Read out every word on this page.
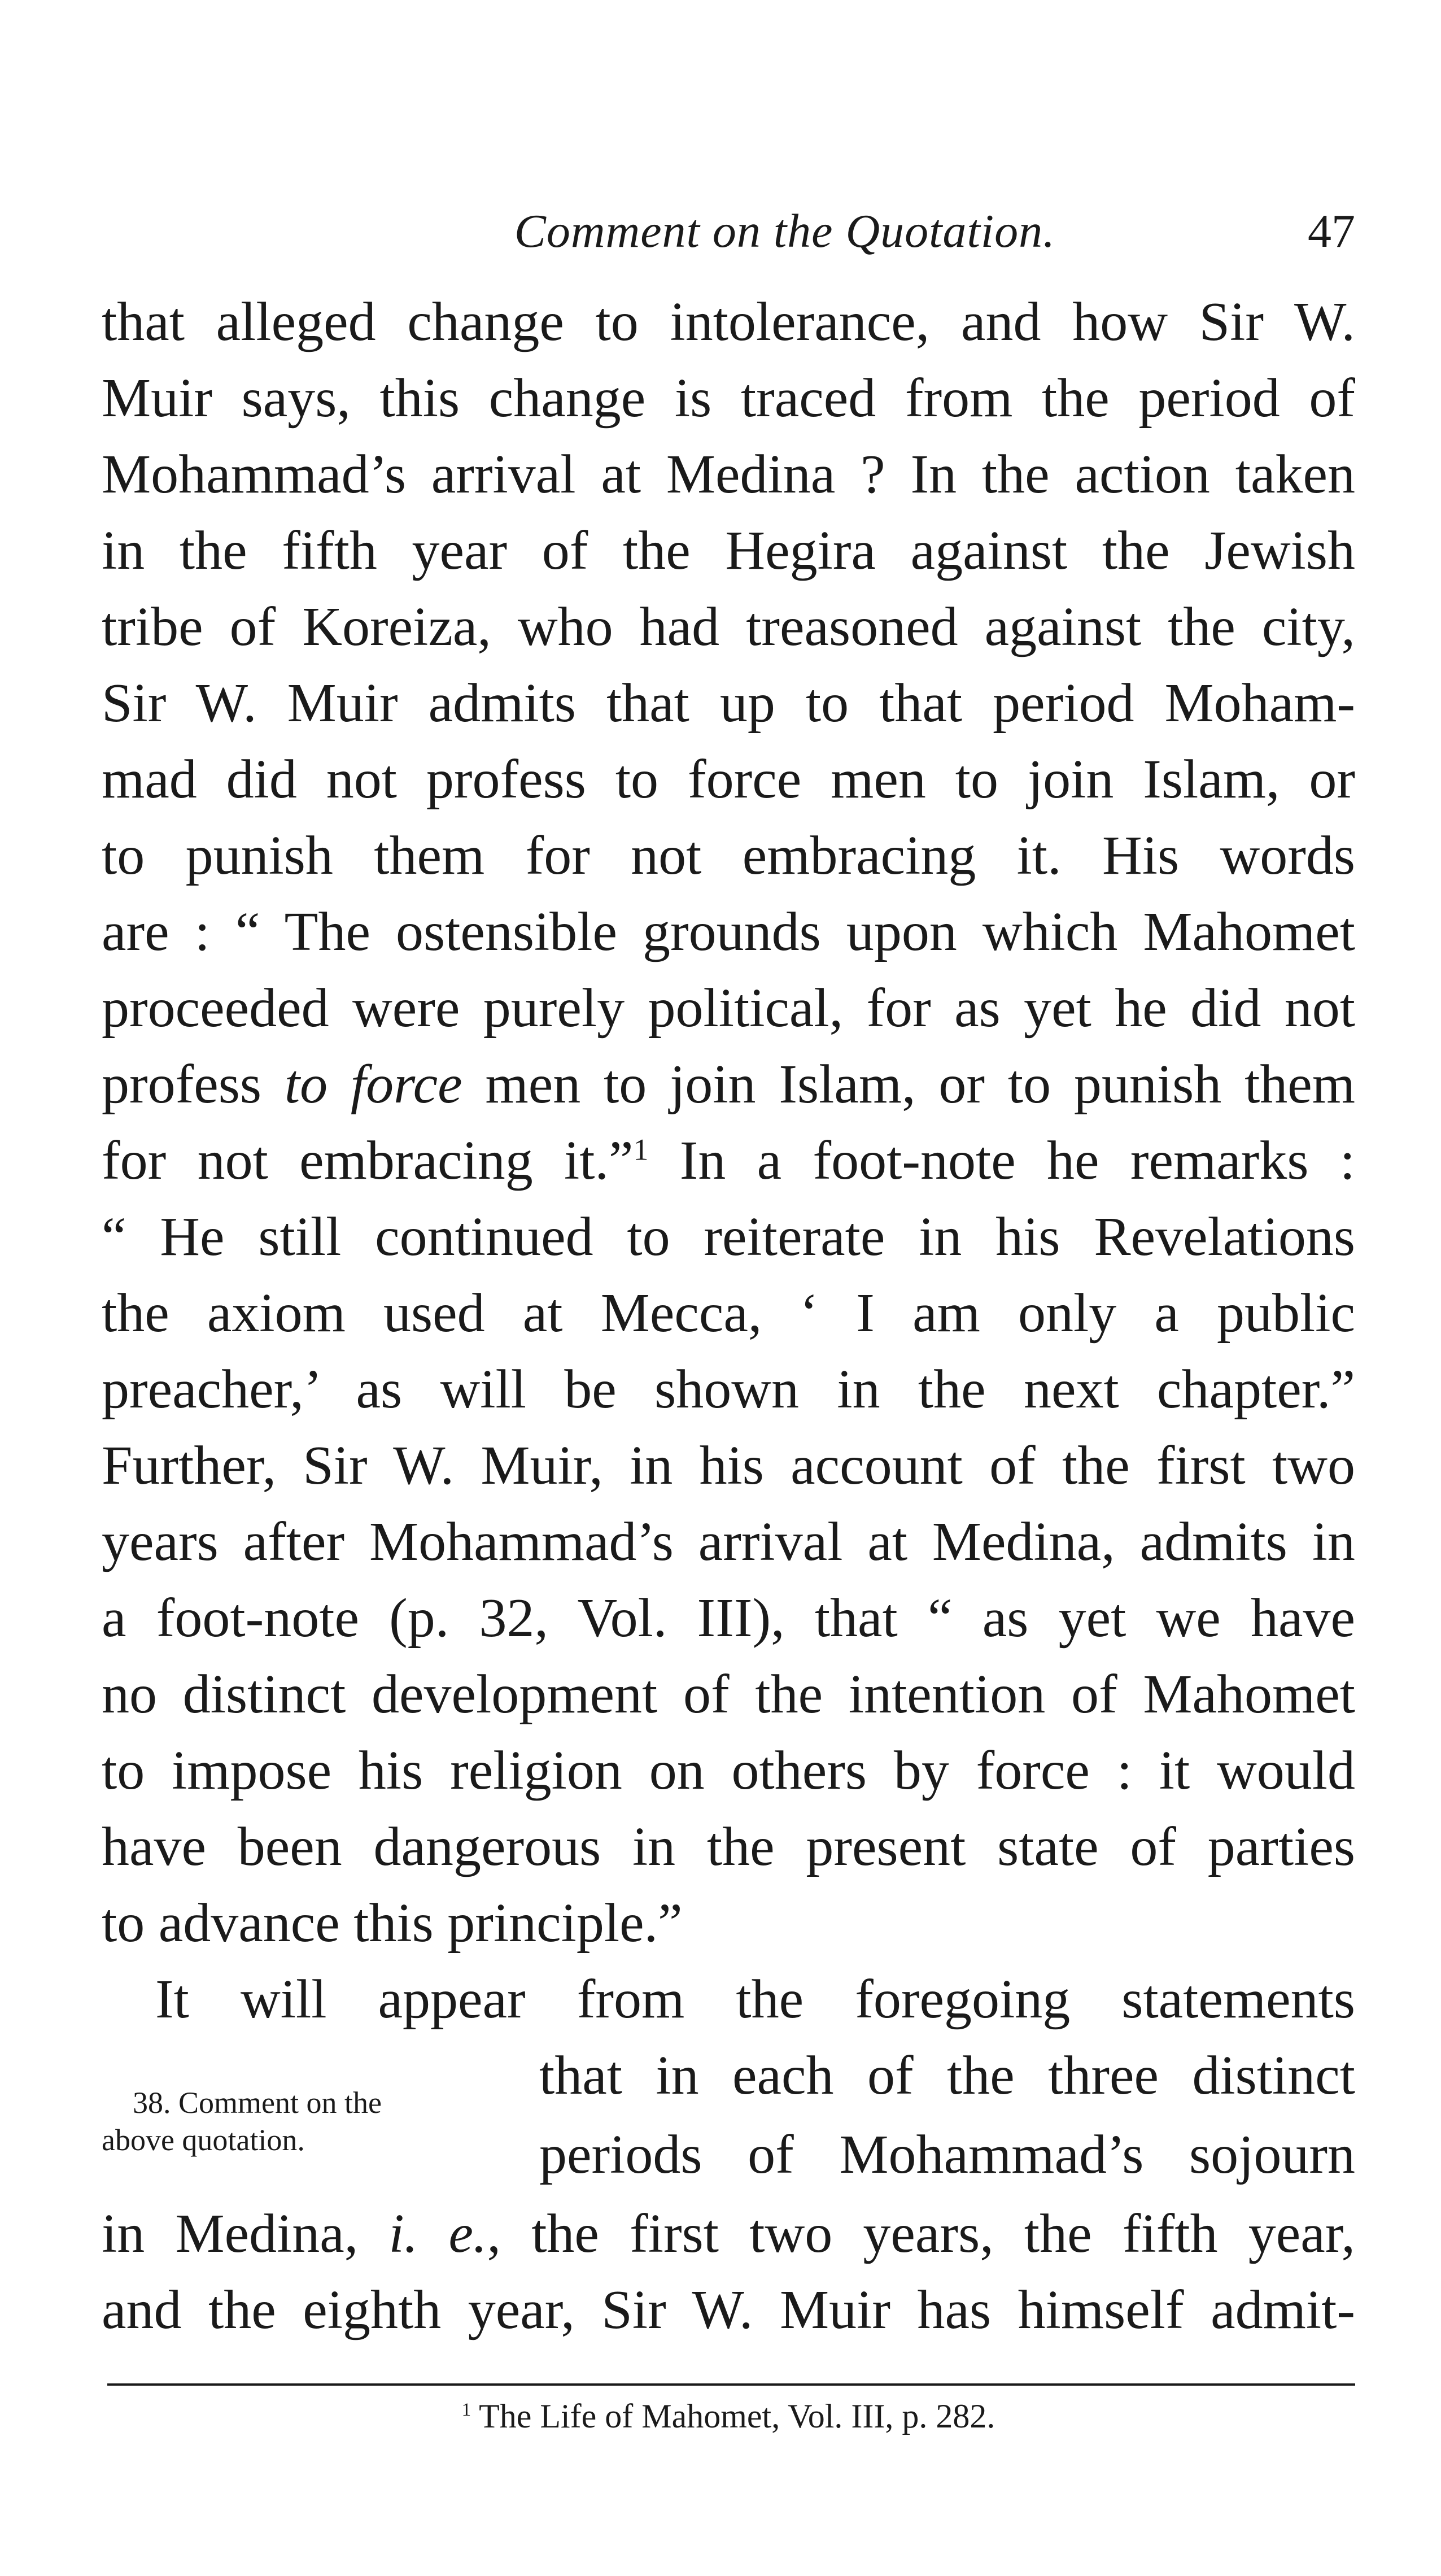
Comment on the Quotation.	47
that alleged change to intolerance, and how Sir W.
Muir says, this change is traced from the period of
Mohammad’s arrival at Medina ? In the action taken
in the fifth year of the Hegira against the Jewish
tribe of Koreiza, who had treasoned against the city,
Sir W. Muir admits that up to that period Moham-
mad did not profess to force men to join Islam, or
to punish them for not embracing it. His words
are : “ The ostensible grounds upon which Mahomet
proceeded were purely political, for as yet he did not
profess to force men to join Islam, or to punish them
for not embracing it.”$^1$ In a foot-note he remarks :
“ He still continued to reiterate in his Revelations
the axiom used at Mecca, ‘ I am only a public
preacher,’ as will be shown in the next chapter.”
Further, Sir W. Muir, in his account of the first two
years after Mohammad’s arrival at Medina, admits in
a foot-note (p. 32, Vol. III), that “ as yet we have
no distinct development of the intention of Mahomet
to impose his religion on others by force : it would
have been dangerous in the present state of parties
to advance this principle.”
It will appear from the foregoing statements
that in each of the three distinct
periods of Mohammad’s sojourn
38. Comment on the
above quotation.
in Medina, i. e., the first two years, the fifth year,
and the eighth year, Sir W. Muir has himself admit-
$^1$ The Life of Mahomet, Vol. III, p. 282.
